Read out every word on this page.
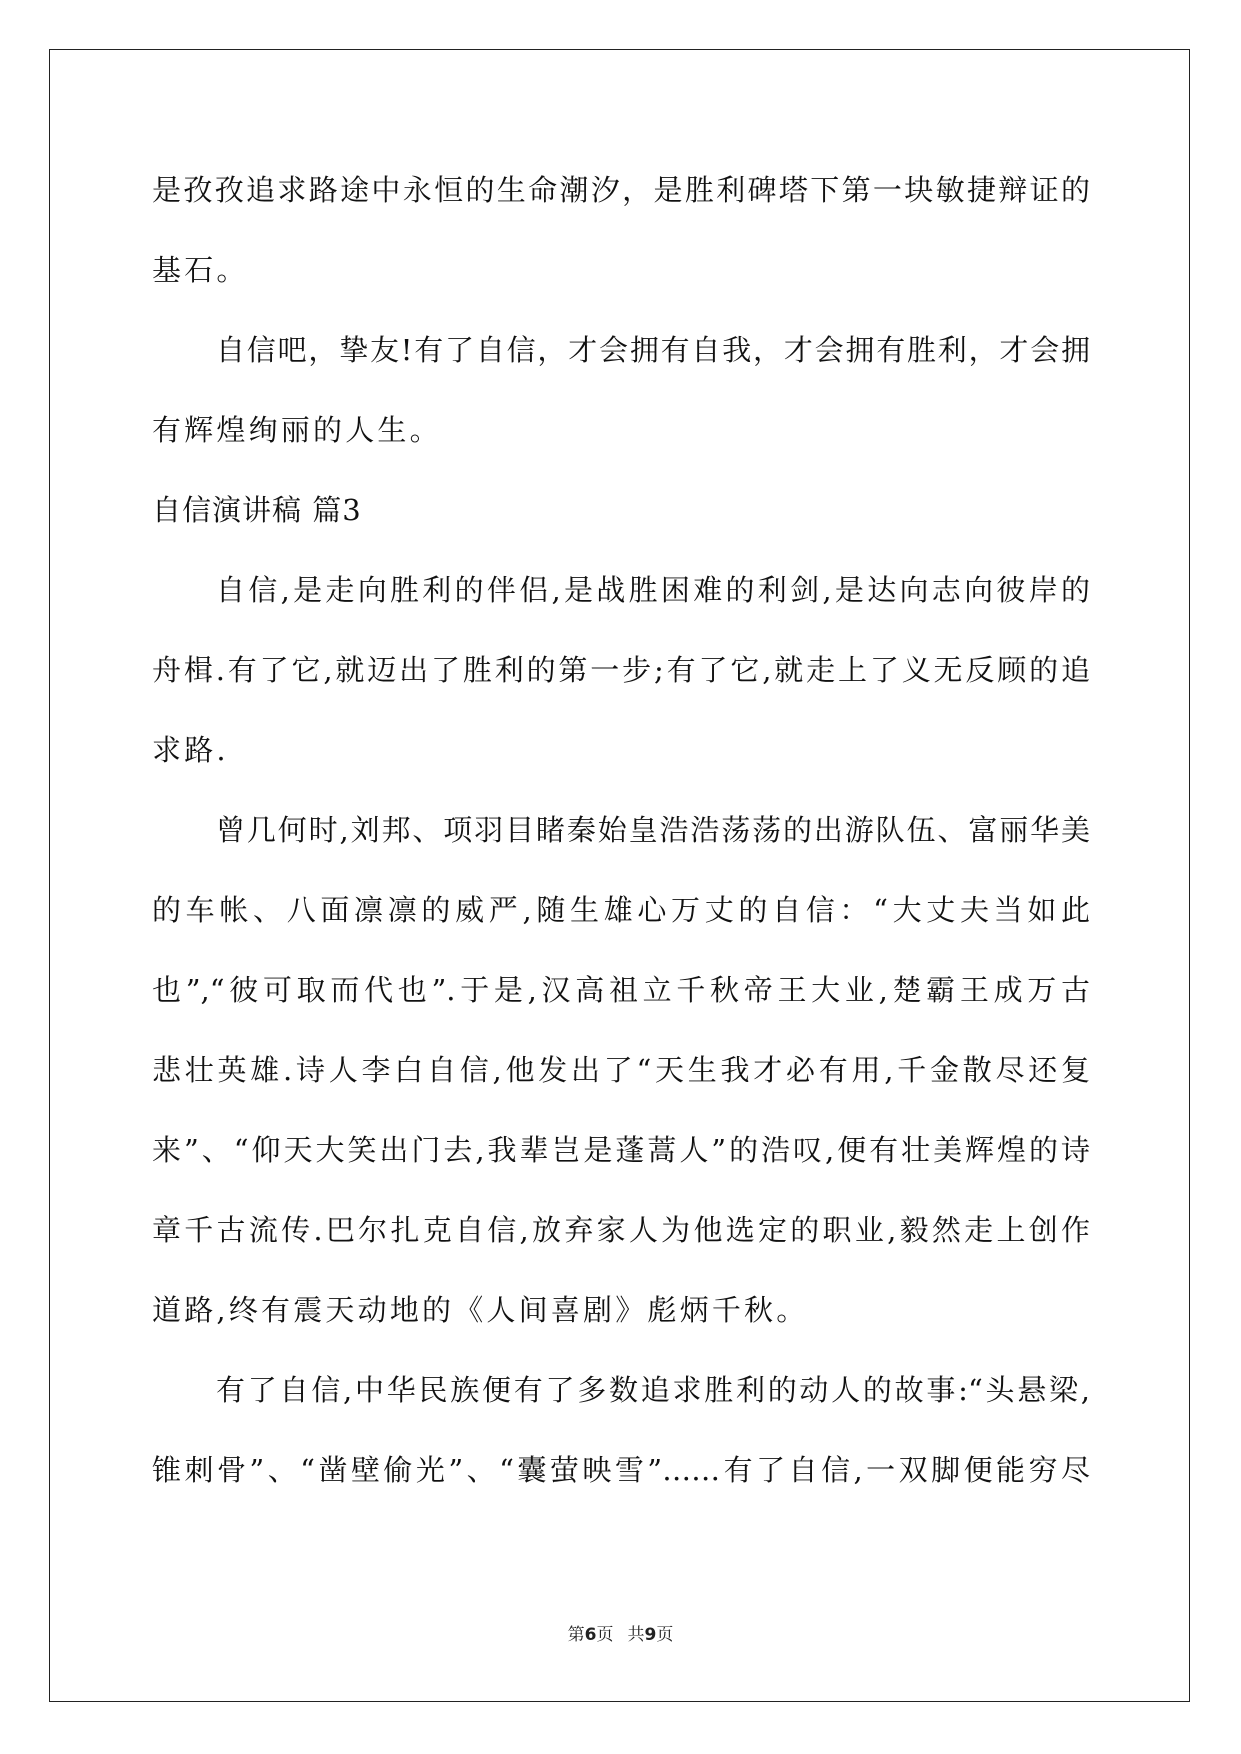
是孜孜追求路途中永恒的生命潮汐，是胜利碑塔下第一块敏捷辩证的
基石。
自信吧，挚友!有了自信，才会拥有自我，才会拥有胜利，才会拥
有辉煌绚丽的人生。
自信演讲稿 篇3
自信,是走向胜利的伴侣,是战胜困难的利剑,是达向志向彼岸的
舟楫.有了它,就迈出了胜利的第一步;有了它,就走上了义无反顾的追
求路.
曾几何时,刘邦、项羽目睹秦始皇浩浩荡荡的出游队伍、富丽华美
的车帐、八面凛凛的威严,随生雄心万丈的自信：“大丈夫当如此
也”,“彼可取而代也”.于是,汉高祖立千秋帝王大业,楚霸王成万古
悲壮英雄.诗人李白自信,他发出了“天生我才必有用,千金散尽还复
来”、“仰天大笑出门去,我辈岂是蓬蒿人”的浩叹,便有壮美辉煌的诗
章千古流传.巴尔扎克自信,放弃家人为他选定的职业,毅然走上创作
道路,终有震天动地的《人间喜剧》彪炳千秋。
有了自信,中华民族便有了多数追求胜利的动人的故事:“头悬梁,
锥刺骨”、“凿壁偷光”、“囊萤映雪”……有了自信,一双脚便能穷尽
第6页 共9页
